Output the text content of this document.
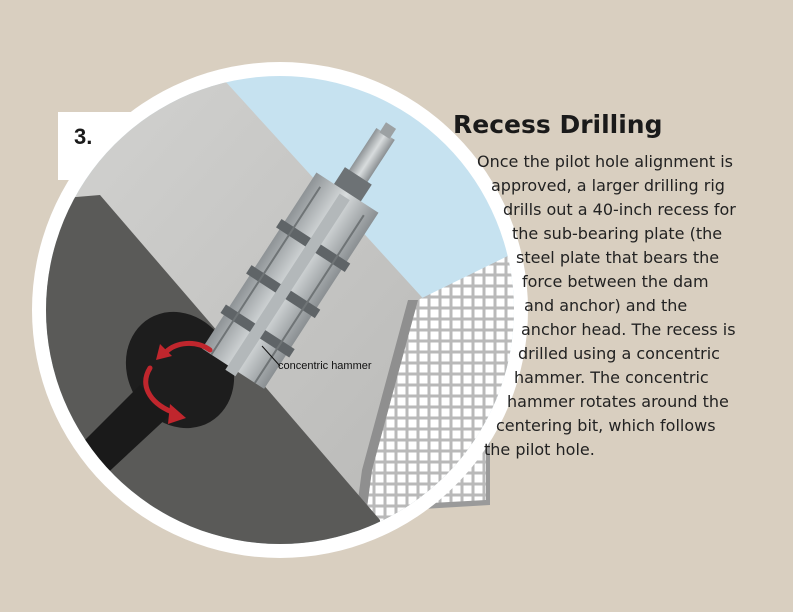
3.	Recess Drilling
Once the pilot hole alignment is
approved, a larger drilling rig
drills out a 40-inch recess for
the sub-bearing plate (the
steel plate that bears the
force between the dam
and anchor) and the
anchor head. The recess is
drilled using a concentric
hammer. The concentric
hammer rotates around the
centering bit, which follows
the pilot hole.
concentric hammer
